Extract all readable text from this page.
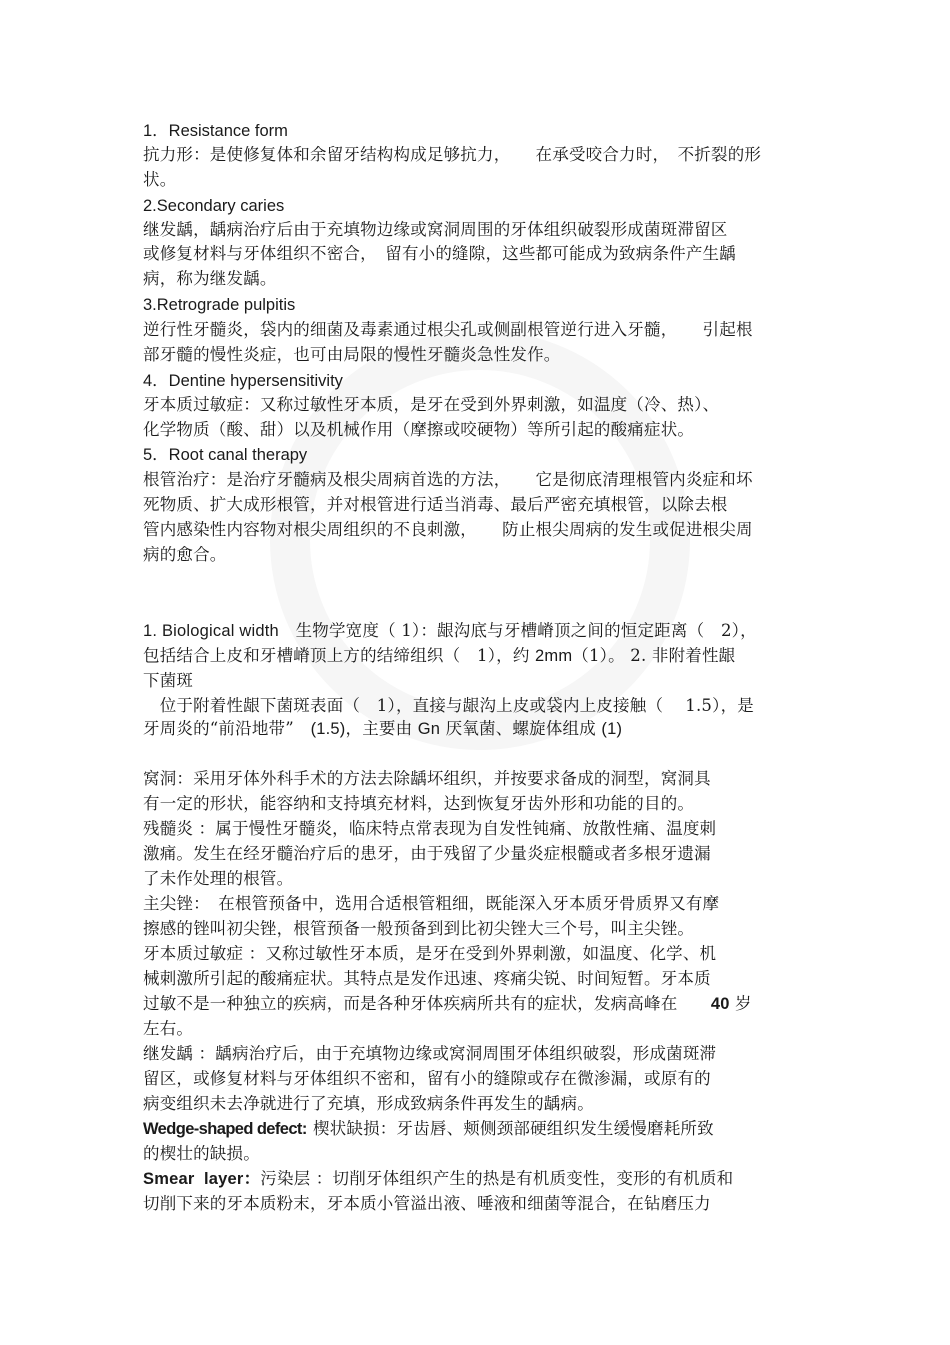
1．Resistance form
抗力形：是使修复体和余留牙结构构成足够抗力，　　在承受咬合力时，　不折裂的形
状。
2.Secondary caries
继发龋，龋病治疗后由于充填物边缘或窝洞周围的牙体组织破裂形成菌斑滞留区
或修复材料与牙体组织不密合，　留有小的缝隙，这些都可能成为致病条件产生龋
病，称为继发龋。
3.Retrograde pulpitis
逆行性牙髓炎，袋内的细菌及毒素通过根尖孔或侧副根管逆行进入牙髓，　　引起根
部牙髓的慢性炎症，也可由局限的慢性牙髓炎急性发作。
4．Dentine hypersensitivity
牙本质过敏症：又称过敏性牙本质，是牙在受到外界刺激，如温度（冷、热）、
化学物质（酸、甜）以及机械作用（摩擦或咬硬物）等所引起的酸痛症状。
5．Root canal therapy
根管治疗：是治疗牙髓病及根尖周病首选的方法，　　它是彻底清理根管内炎症和坏
死物质、扩大成形根管，并对根管进行适当消毒、最后严密充填根管，以除去根
管内感染性内容物对根尖周组织的不良刺激，　　防止根尖周病的发生或促进根尖周
病的愈合。
1. Biological width　生物学宽度（ 1）：龈沟底与牙槽嵴顶之间的恒定距离（　2），
包括结合上皮和牙槽嵴顶上方的结缔组织（　1），约 2mm（1）。 2. 非附着性龈
下菌斑
　位于附着性龈下菌斑表面（　1），直接与龈沟上皮或袋内上皮接触（　 1.5），是
牙周炎的“前沿地带”　(1.5)，主要由 Gn 厌氧菌、螺旋体组成 (1)
窝洞：采用牙体外科手术的方法去除龋坏组织，并按要求备成的洞型，窝洞具
有一定的形状，能容纳和支持填充材料，达到恢复牙齿外形和功能的目的。
残髓炎 ：属于慢性牙髓炎，临床特点常表现为自发性钝痛、放散性痛、温度刺
激痛。发生在经牙髓治疗后的患牙，由于残留了少量炎症根髓或者多根牙遗漏
了未作处理的根管。
主尖锉：　在根管预备中，选用合适根管粗细，既能深入牙本质牙骨质界又有摩
擦感的锉叫初尖锉，根管预备一般预备到到比初尖锉大三个号，叫主尖锉。
牙本质过敏症 ：又称过敏性牙本质，是牙在受到外界刺激，如温度、化学、机
械刺激所引起的酸痛症状。其特点是发作迅速、疼痛尖锐、时间短暂。牙本质
过敏不是一种独立的疾病，而是各种牙体疾病所共有的症状，发病高峰在　　40 岁
左右。
继发龋 ：龋病治疗后，由于充填物边缘或窝洞周围牙体组织破裂，形成菌斑滞
留区，或修复材料与牙体组织不密和，留有小的缝隙或存在微渗漏，或原有的
病变组织未去净就进行了充填，形成致病条件再发生的龋病。
Wedge-shaped defect: 楔状缺损：牙齿唇、颊侧颈部硬组织发生缓慢磨耗所致
的楔壮的缺损。
Smear  layer：污染层 ：切削牙体组织产生的热是有机质变性，变形的有机质和
切削下来的牙本质粉末，牙本质小管溢出液、唾液和细菌等混合，在钻磨压力
